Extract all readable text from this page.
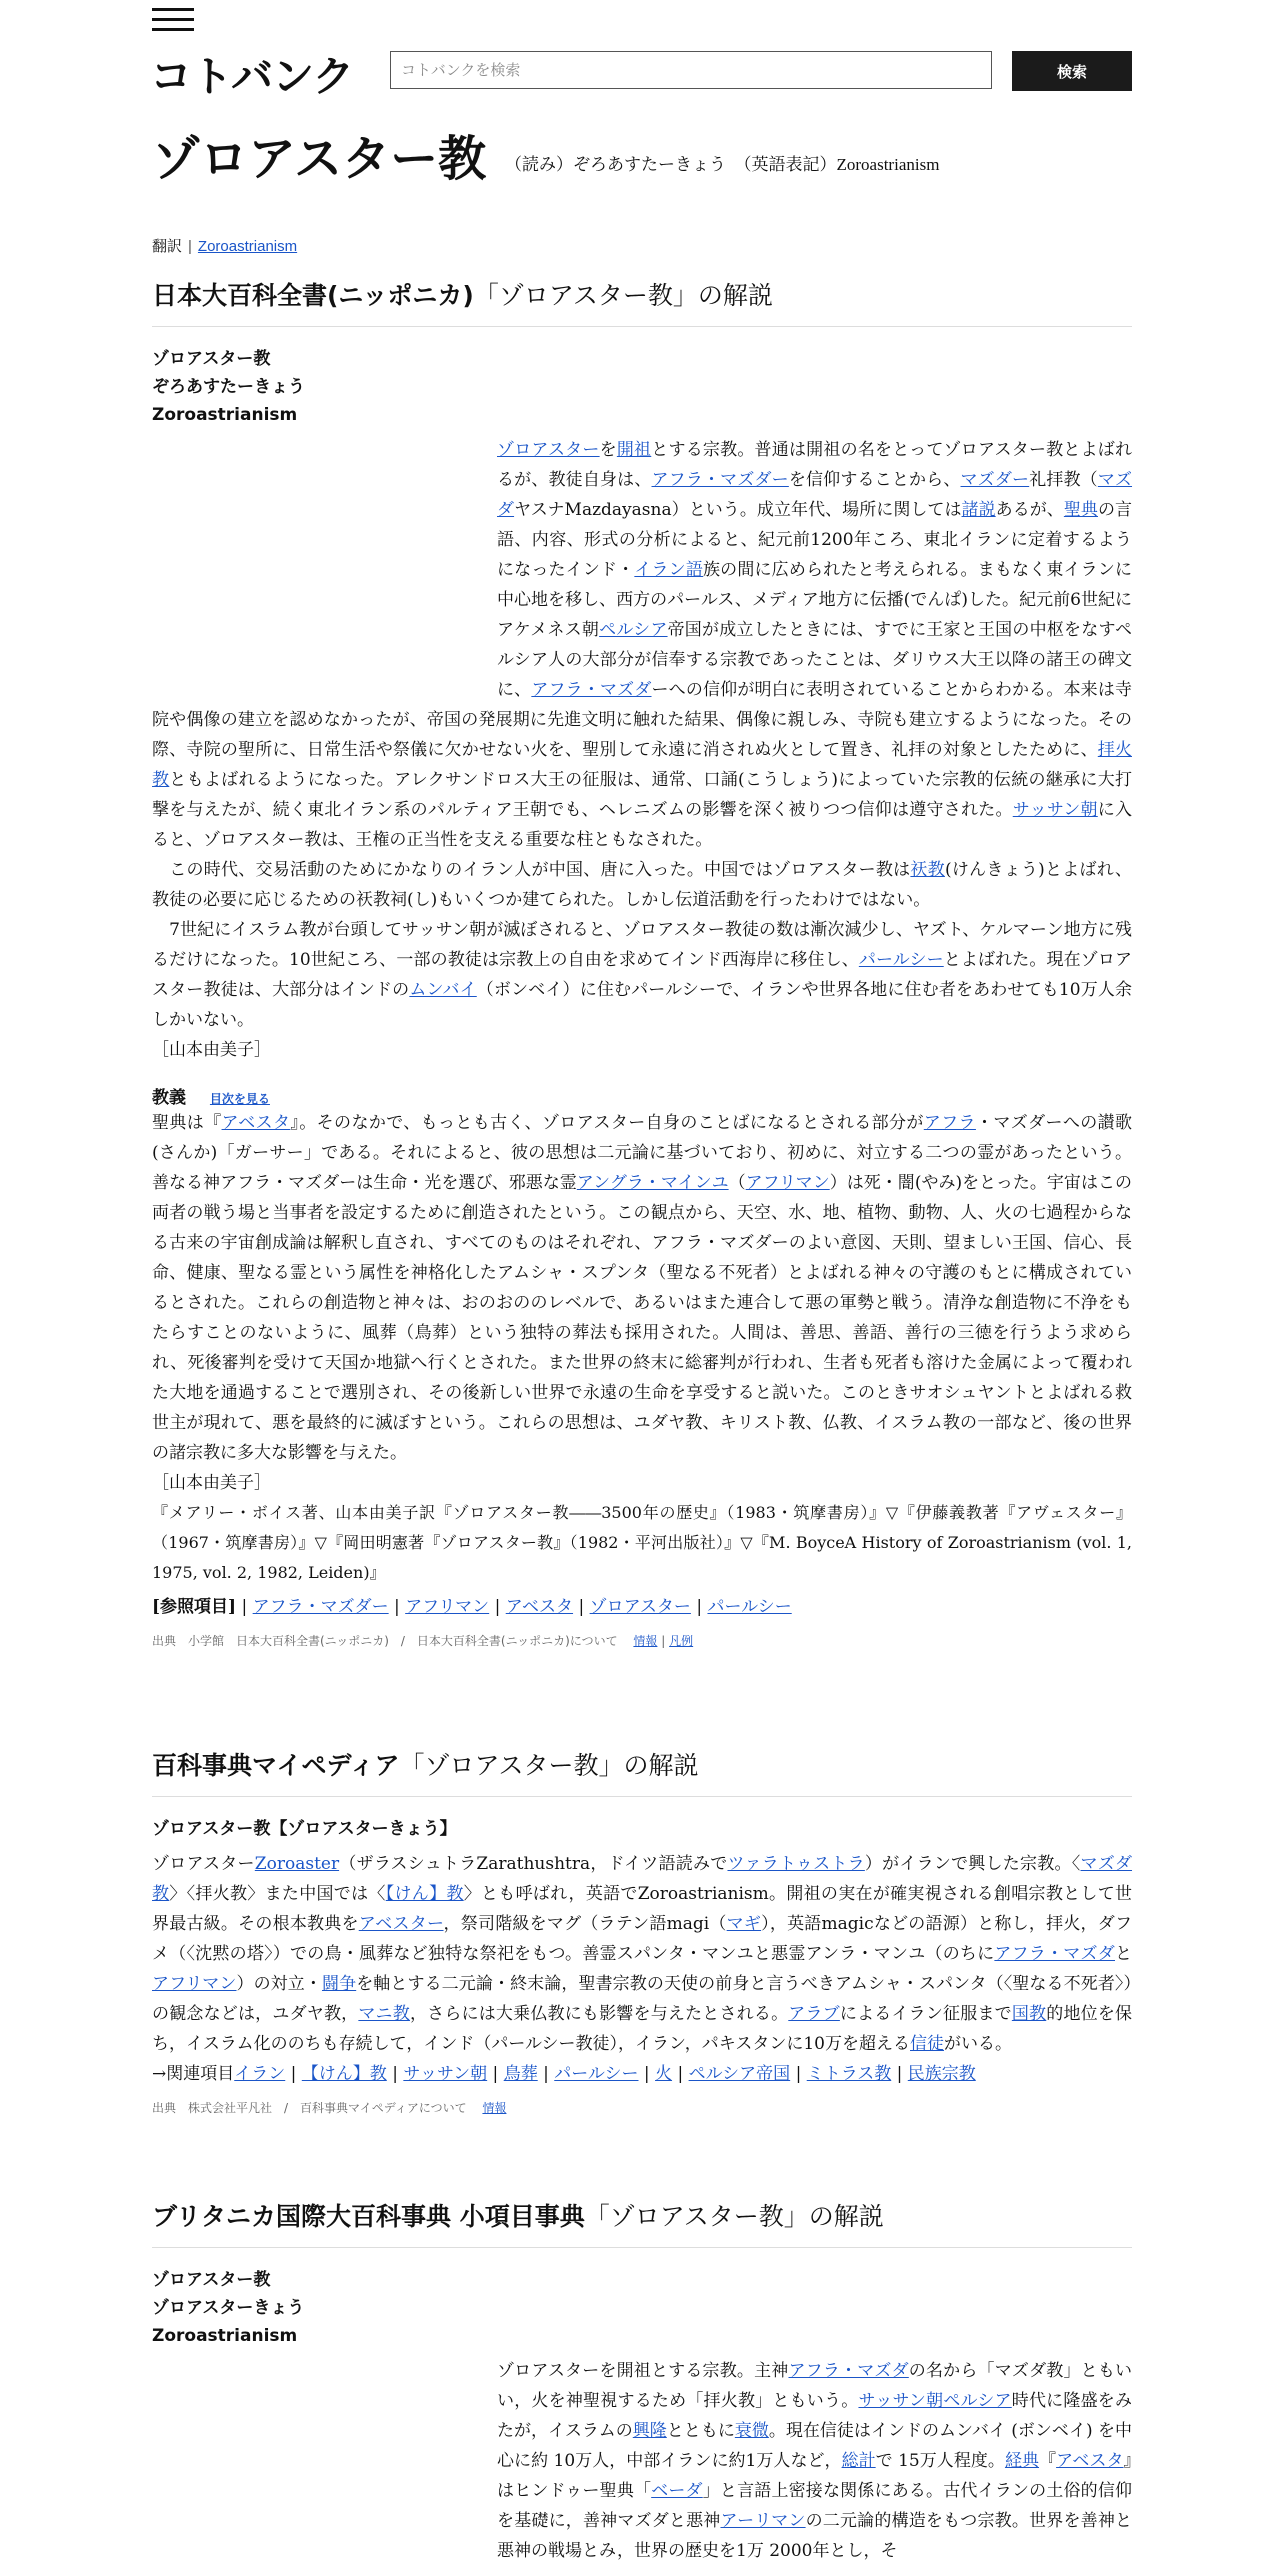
コトバンク
コトバンクを検索	検索
ゾロアスター教 （読み）ぞろあすたーきょう　（英語表記）Zoroastrianism
翻訳 | Zoroastrianism
日本大百科全書(ニッポニカ)「ゾロアスター教」の解説
ゾロアスター教
ぞろあすたーきょう
Zoroastrianism
ゾロアスターを開祖とする宗教。普通は開祖の名をとってゾロアスター教とよばれるが、教徒自身は、アフラ・マズダーを信仰することから、マズダー礼拝教（マズダヤスナMazdayasna）という。成立年代、場所に関しては諸説あるが、聖典の言語、内容、形式の分析によると、紀元前1200年ころ、東北イランに定着するようになったインド・イラン語族の間に広められたと考えられる。まもなく東イランに中心地を移し、西方のパールス、メディア地方に伝播(でんぱ)した。紀元前6世紀にアケメネス朝ペルシア帝国が成立したときには、すでに王家と王国の中枢をなすペルシア人の大部分が信奉する宗教であったことは、ダリウス大王以降の諸王の碑文に、アフラ・マズダーへの信仰が明白に表明されていることからわかる。本来は寺院や偶像の建立を認めなかったが、帝国の発展期に先進文明に触れた結果、偶像に親しみ、寺院も建立するようになった。その際、寺院の聖所に、日常生活や祭儀に欠かせない火を、聖別して永遠に消されぬ火として置き、礼拝の対象としたために、拝火教ともよばれるようになった。アレクサンドロス大王の征服は、通常、口誦(こうしょう)によっていた宗教的伝統の継承に大打撃を与えたが、続く東北イラン系のパルティア王朝でも、ヘレニズムの影響を深く被りつつ信仰は遵守された。サッサン朝に入ると、ゾロアスター教は、王権の正当性を支える重要な柱ともなされた。
　この時代、交易活動のためにかなりのイラン人が中国、唐に入った。中国ではゾロアスター教は祆教(けんきょう)とよばれ、教徒の必要に応じるための祆教祠(し)もいくつか建てられた。しかし伝道活動を行ったわけではない。
　7世紀にイスラム教が台頭してサッサン朝が滅ぼされると、ゾロアスター教徒の数は漸次減少し、ヤズト、ケルマーン地方に残るだけになった。10世紀ころ、一部の教徒は宗教上の自由を求めてインド西海岸に移住し、パールシーとよばれた。現在ゾロアスター教徒は、大部分はインドのムンバイ（ボンベイ）に住むパールシーで、イランや世界各地に住む者をあわせても10万人余しかいない。
［山本由美子］
教義 目次を見る
聖典は『アベスタ』。そのなかで、もっとも古く、ゾロアスター自身のことばになるとされる部分がアフラ・マズダーへの讃歌(さんか)「ガーサー」である。それによると、彼の思想は二元論に基づいており、初めに、対立する二つの霊があったという。善なる神アフラ・マズダーは生命・光を選び、邪悪な霊アングラ・マインユ（アフリマン）は死・闇(やみ)をとった。宇宙はこの両者の戦う場と当事者を設定するために創造されたという。この観点から、天空、水、地、植物、動物、人、火の七過程からなる古来の宇宙創成論は解釈し直され、すべてのものはそれぞれ、アフラ・マズダーのよい意図、天則、望ましい王国、信心、長命、健康、聖なる霊という属性を神格化したアムシャ・スプンタ（聖なる不死者）とよばれる神々の守護のもとに構成されているとされた。これらの創造物と神々は、おのおののレベルで、あるいはまた連合して悪の軍勢と戦う。清浄な創造物に不浄をもたらすことのないように、風葬（鳥葬）という独特の葬法も採用された。人間は、善思、善語、善行の三徳を行うよう求められ、死後審判を受けて天国か地獄へ行くとされた。また世界の終末に総審判が行われ、生者も死者も溶けた金属によって覆われた大地を通過することで選別され、その後新しい世界で永遠の生命を享受すると説いた。このときサオシュヤントとよばれる救世主が現れて、悪を最終的に滅ぼすという。これらの思想は、ユダヤ教、キリスト教、仏教、イスラム教の一部など、後の世界の諸宗教に多大な影響を与えた。
［山本由美子］
『メアリー・ボイス著、山本由美子訳『ゾロアスター教――3500年の歴史』（1983・筑摩書房）』▽『伊藤義教著『アヴェスター』（1967・筑摩書房）』▽『岡田明憲著『ゾロアスター教』（1982・平河出版社）』▽『M. BoyceA History of Zoroastrianism (vol. 1, 1975, vol. 2, 1982, Leiden)』
[参照項目] | アフラ・マズダー | アフリマン | アベスタ | ゾロアスター | パールシー
出典　小学館　日本大百科全書(ニッポニカ)　/　日本大百科全書(ニッポニカ)について 情報 | 凡例
百科事典マイペディア「ゾロアスター教」の解説
ゾロアスター教【ゾロアスターきょう】
ゾロアスターZoroaster（ザラスシュトラZarathushtra，ドイツ語読みでツァラトゥストラ）がイランで興した宗教。〈マズダ教〉〈拝火教〉また中国では〈【けん】教〉とも呼ばれ，英語でZoroastrianism。開祖の実在が確実視される創唱宗教として世界最古級。その根本教典をアベスター，祭司階級をマグ（ラテン語magi（マギ），英語magicなどの語源）と称し，拝火，ダフメ（〈沈黙の塔〉）での鳥・風葬など独特な祭祀をもつ。善霊スパンタ・マンユと悪霊アンラ・マンユ（のちにアフラ・マズダとアフリマン）の対立・闘争を軸とする二元論・終末論，聖書宗教の天使の前身と言うべきアムシャ・スパンタ（〈聖なる不死者〉）の観念などは，ユダヤ教，マニ教，さらには大乗仏教にも影響を与えたとされる。アラブによるイラン征服まで国教的地位を保ち，イスラム化ののちも存続して，インド（パールシー教徒），イラン，パキスタンに10万を超える信徒がいる。
→関連項目イラン | 【けん】教 | サッサン朝 | 鳥葬 | パールシー | 火 | ペルシア帝国 | ミトラス教 | 民族宗教
出典　株式会社平凡社　/　百科事典マイペディアについて 情報
ブリタニカ国際大百科事典 小項目事典「ゾロアスター教」の解説
ゾロアスター教
ゾロアスターきょう
Zoroastrianism
ゾロアスターを開祖とする宗教。主神アフラ・マズダの名から「マズダ教」ともいい，火を神聖視するため「拝火教」ともいう。サッサン朝ペルシア時代に隆盛をみたが，イスラムの興隆とともに衰微。現在信徒はインドのムンバイ (ボンベイ) を中心に約 10万人，中部イランに約1万人など，総計で 15万人程度。経典『アベスタ』はヒンドゥー聖典「ベーダ」と言語上密接な関係にある。古代イランの土俗的信仰を基礎に，善神マズダと悪神アーリマンの二元論的構造をもつ宗教。世界を善神と悪神の戦場とみ，世界の歴史を1万 2000年とし，そ
